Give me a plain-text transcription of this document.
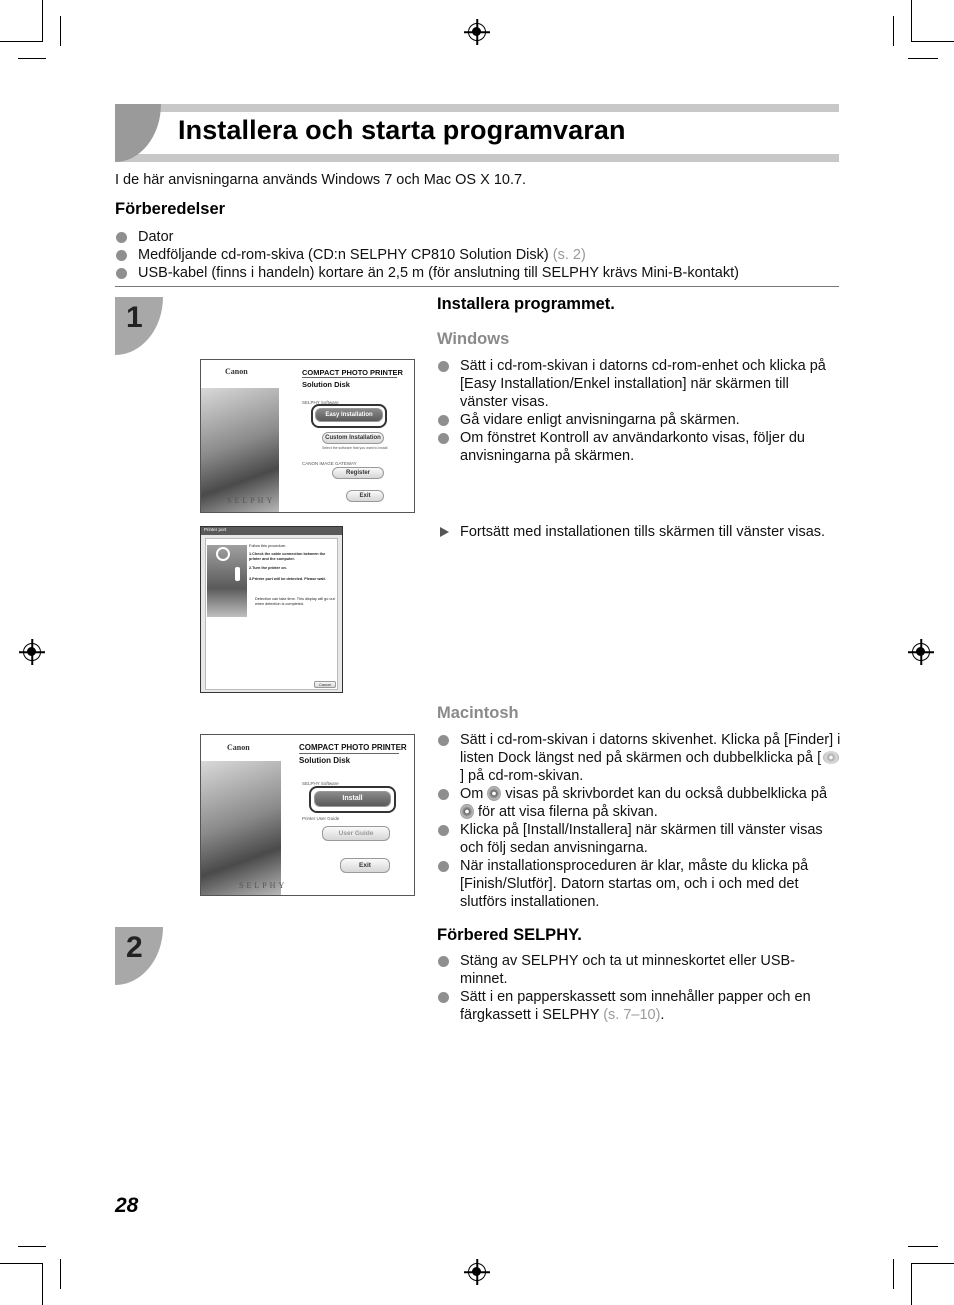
Installera och starta programvaran
I de här anvisningarna används Windows 7 och Mac OS X 10.7.
Förberedelser
Dator
Medföljande cd-rom-skiva (CD:n SELPHY CP810 Solution Disk) (s. 2)
USB-kabel (finns i handeln) kortare än 2,5 m (för anslutning till SELPHY krävs Mini-B-kontakt)
1	Installera programmet.
Windows
Sätt i cd-rom-skivan i datorns cd-rom-enhet och klicka på [Easy Installation/Enkel installation] när skärmen till vänster visas.
Gå vidare enligt anvisningarna på skärmen.
Om fönstret Kontroll av användarkonto visas, följer du anvisningarna på skärmen.
Fortsätt med installationen tills skärmen till vänster visas.
Canon	COMPACT PHOTO PRINTER
Solution Disk
SELPHY Software
Easy Installation
Custom Installation
Select the software that you want to install
CANON iMAGE GATEWAY
Register
Exit
SELPHY
Printer port
Follow this procedure.
1.Check the cable connection between the
printer and the computer.
2.Turn the printer on.
3.Printer port will be detected. Please wait.
Detection can take time. This display will go out
when detection is completed.
Cancel
Macintosh
Sätt i cd-rom-skivan i datorns skivenhet. Klicka på [Finder] i listen Dock längst ned på skärmen och dubbelklicka på [] på cd-rom-skivan.
Om visas på skrivbordet kan du också dubbelklicka på  för att visa filerna på skivan.
Klicka på [Install/Installera] när skärmen till vänster visas och följ sedan anvisningarna.
När installationsproceduren är klar, måste du klicka på [Finish/Slutför]. Datorn startas om, och i och med det slutförs installationen.
Canon	COMPACT PHOTO PRINTER
Solution Disk
SELPHY Software
Install
Printer User Guide
User Guide
Exit
SELPHY
2	Förbered SELPHY.
Stäng av SELPHY och ta ut minneskortet eller USB-minnet.
Sätt i en papperskassett som innehåller papper och en färgkassett i SELPHY (s. 7–10).
28
